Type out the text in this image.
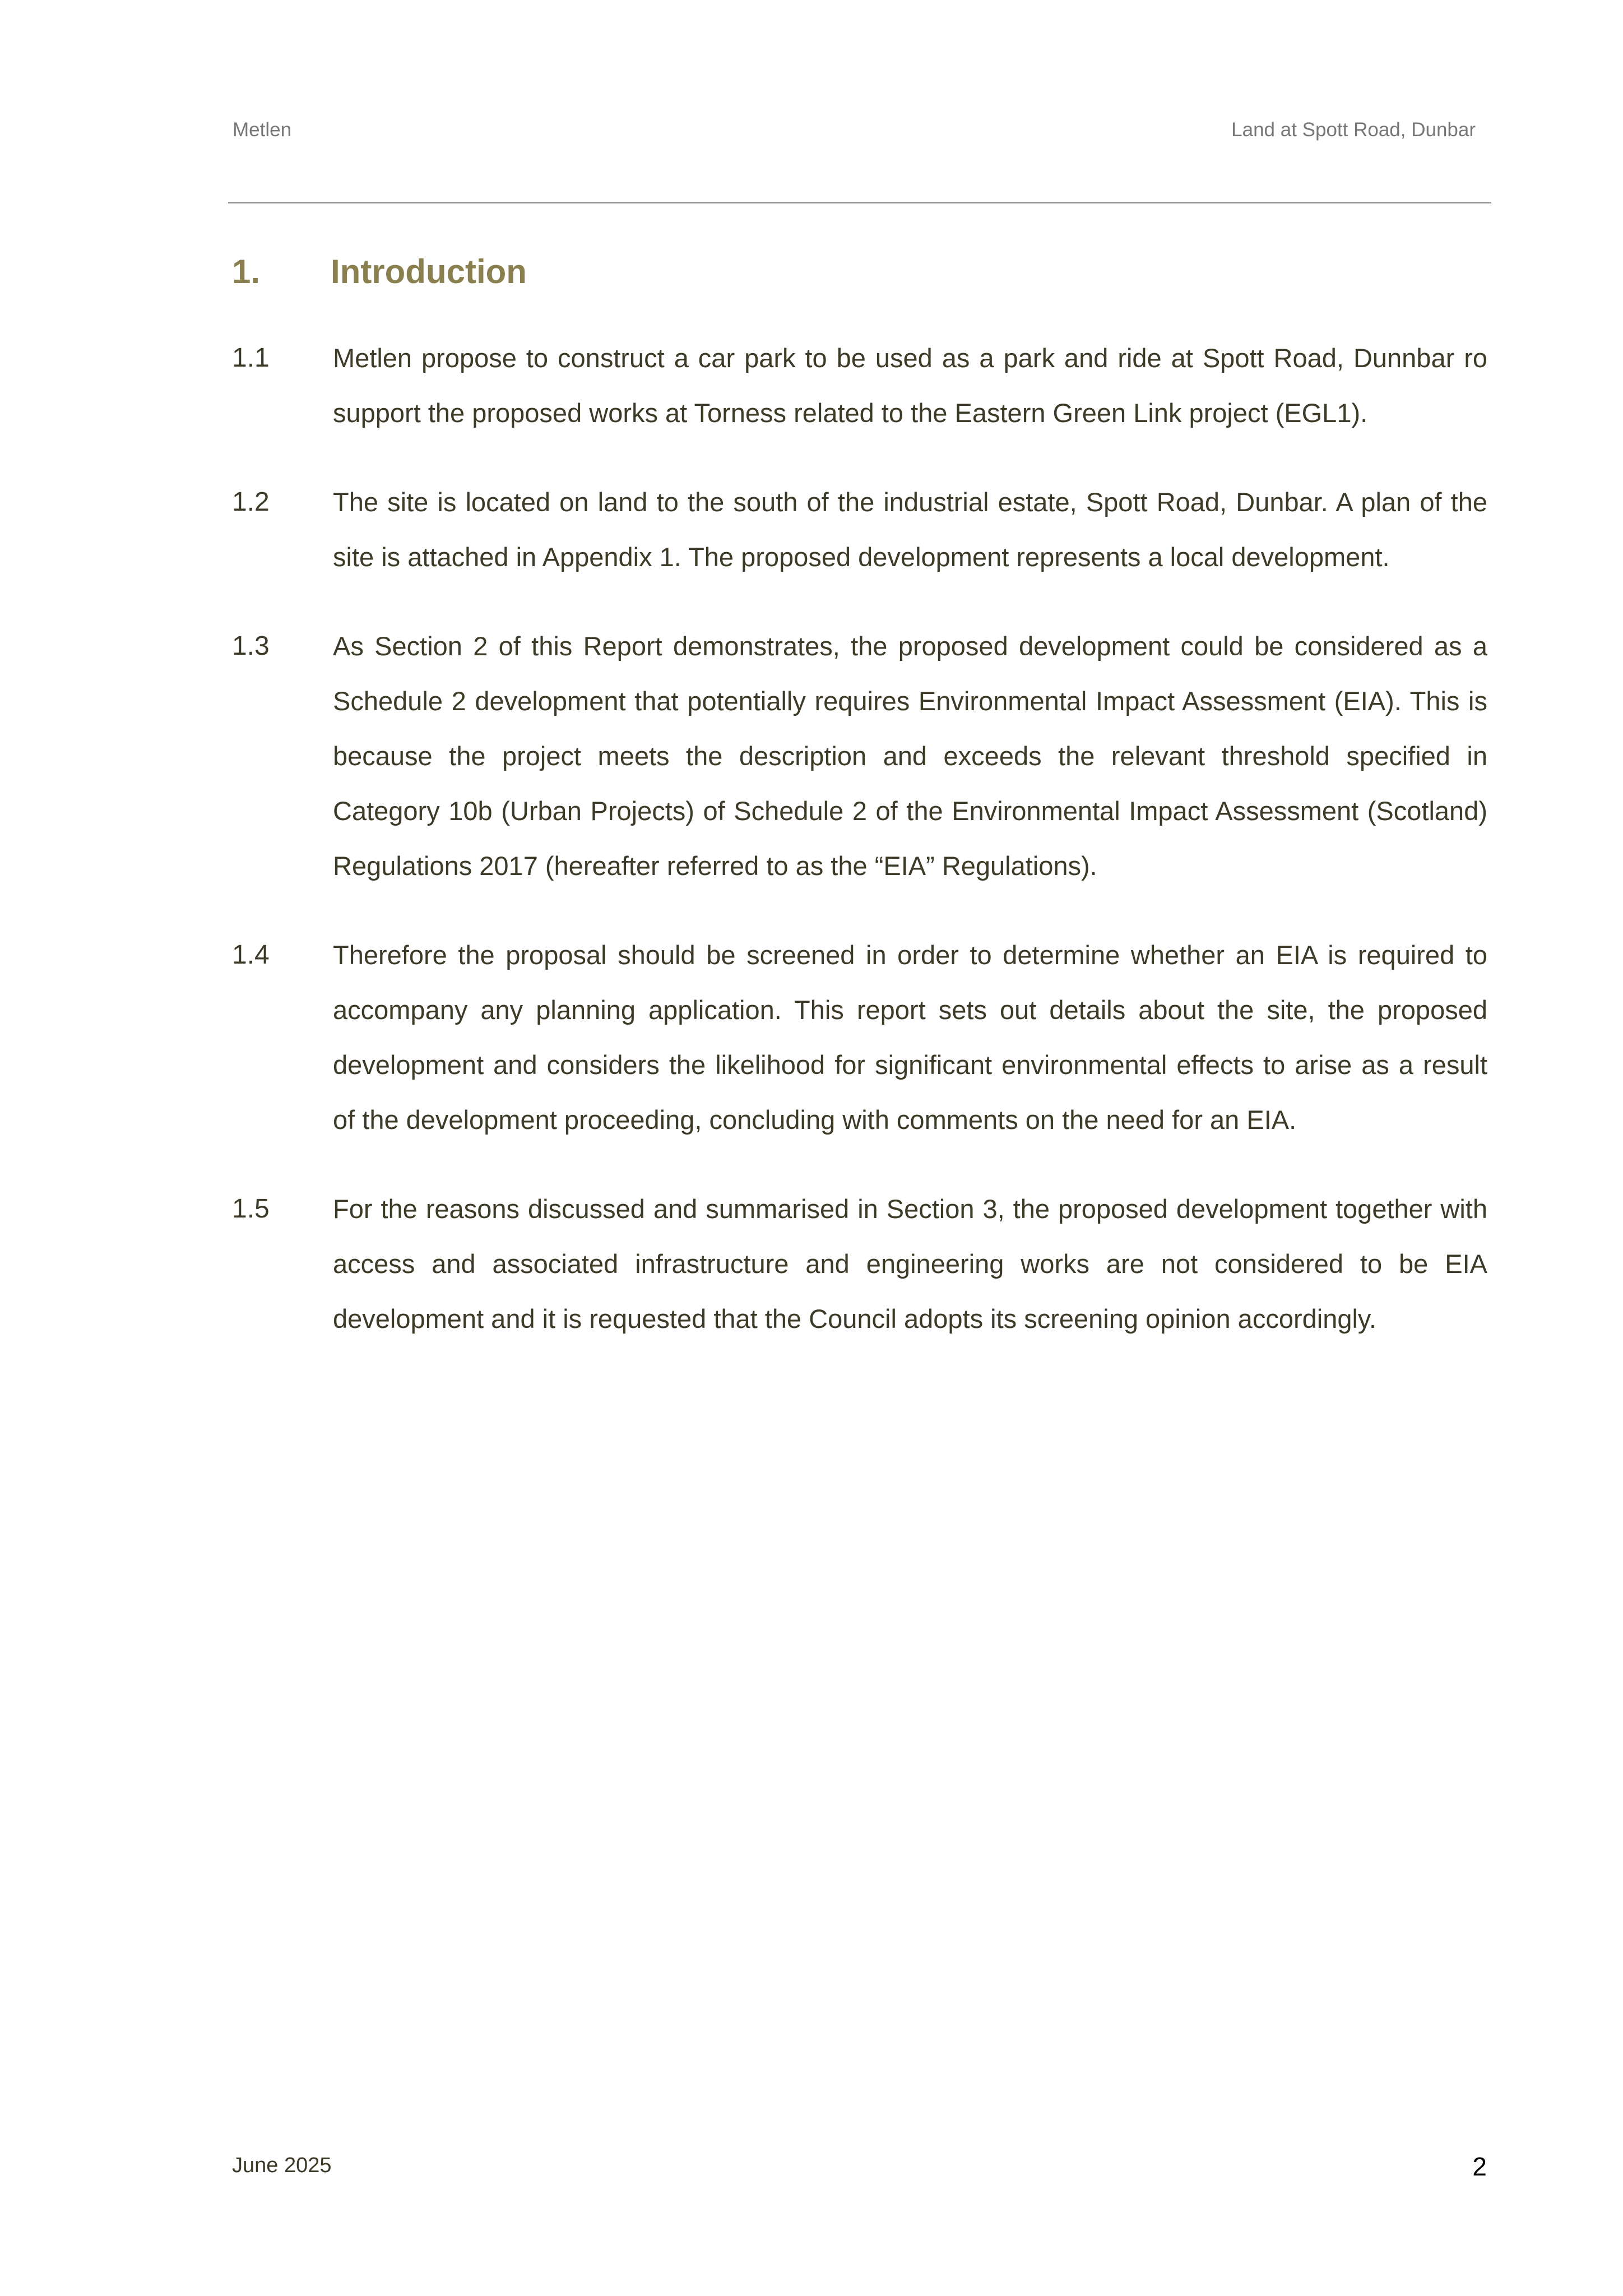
Metlen	Land at Spott Road, Dunbar
1. Introduction
1.1	Metlen propose to construct a car park to be used as a park and ride at Spott Road, Dunnbar ro support the proposed works at Torness related to the Eastern Green Link project (EGL1).
1.2	The site is located on land to the south of the industrial estate, Spott Road, Dunbar. A plan of the site is attached in Appendix 1. The proposed development represents a local development.
1.3	As Section 2 of this Report demonstrates, the proposed development could be considered as a Schedule 2 development that potentially requires Environmental Impact Assessment (EIA). This is because the project meets the description and exceeds the relevant threshold specified in Category 10b (Urban Projects) of Schedule 2 of the Environmental Impact Assessment (Scotland) Regulations 2017 (hereafter referred to as the “EIA” Regulations).
1.4	Therefore the proposal should be screened in order to determine whether an EIA is required to accompany any planning application. This report sets out details about the site, the proposed development and considers the likelihood for significant environmental effects to arise as a result of the development proceeding, concluding with comments on the need for an EIA.
1.5	For the reasons discussed and summarised in Section 3, the proposed development together with access and associated infrastructure and engineering works are not considered to be EIA development and it is requested that the Council adopts its screening opinion accordingly.
June 2025	2
